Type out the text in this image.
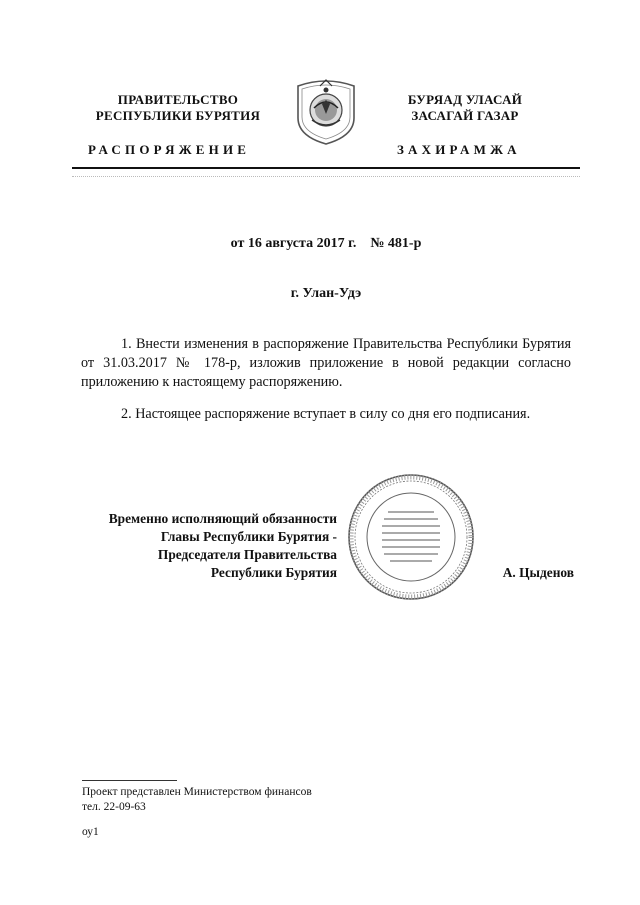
ПРАВИТЕЛЬСТВО
РЕСПУБЛИКИ БУРЯТИЯ
РАСПОРЯЖЕНИЕ
БУРЯАД УЛАСАЙ
ЗАСАГАЙ ГАЗАР
ЗАХИРАМЖА
от 16 августа 2017 г.    № 481-р
г. Улан-Удэ
1. Внести изменения в распоряжение Правительства Республики Бурятия от 31.03.2017 № 178-р, изложив приложение в новой редакции согласно приложению к настоящему распоряжению.
2. Настоящее распоряжение вступает в силу со дня его подписания.
Временно исполняющий обязанности
Главы Республики Бурятия -
Председателя Правительства
Республики Бурятия	А. Цыденов
Проект представлен Министерством финансов
тел. 22-09-63
оу1
